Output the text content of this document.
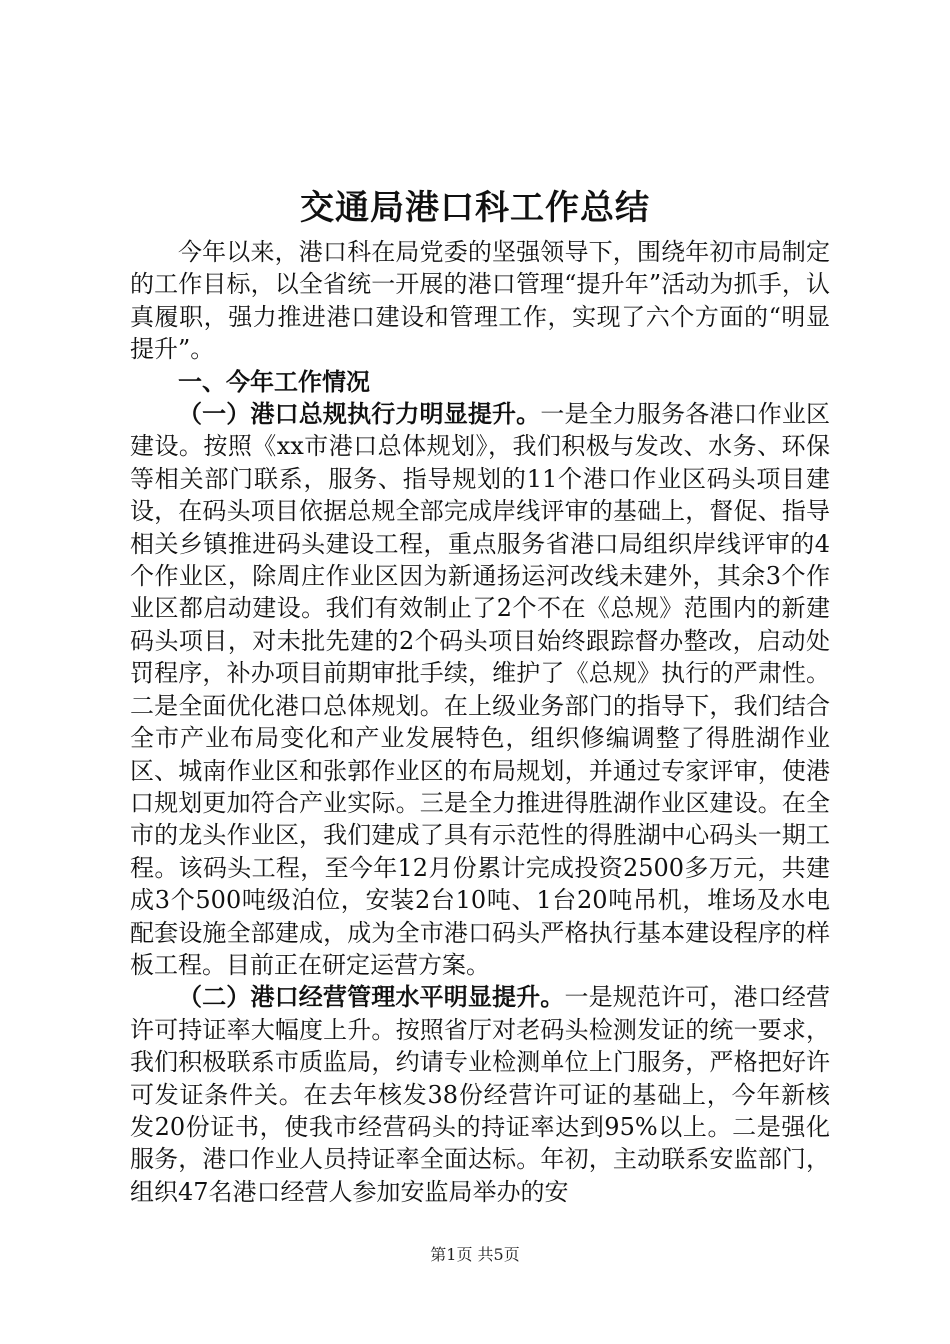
交通局港口科工作总结

今年以来，港口科在局党委的坚强领导下，围绕年初市局制定的工作目标，以全省统一开展的港口管理“提升年”活动为抓手，认真履职，强力推进港口建设和管理工作，实现了六个方面的“明显提升”。

一、今年工作情况

（一）港口总规执行力明显提升。一是全力服务各港口作业区建设。按照《xx市港口总体规划》，我们积极与发改、水务、环保等相关部门联系，服务、指导规划的11个港口作业区码头项目建设，在码头项目依据总规全部完成岸线评审的基础上，督促、指导相关乡镇推进码头建设工程，重点服务省港口局组织岸线评审的4个作业区，除周庄作业区因为新通扬运河改线未建外，其余3个作业区都启动建设。我们有效制止了2个不在《总规》范围内的新建码头项目，对未批先建的2个码头项目始终跟踪督办整改，启动处罚程序，补办项目前期审批手续，维护了《总规》执行的严肃性。二是全面优化港口总体规划。在上级业务部门的指导下，我们结合全市产业布局变化和产业发展特色，组织修编调整了得胜湖作业区、城南作业区和张郭作业区的布局规划，并通过专家评审，使港口规划更加符合产业实际。三是全力推进得胜湖作业区建设。在全市的龙头作业区，我们建成了具有示范性的得胜湖中心码头一期工程。该码头工程，至今年12月份累计完成投资2500多万元，共建成3个500吨级泊位，安装2台10吨、1台20吨吊机，堆场及水电配套设施全部建成，成为全市港口码头严格执行基本建设程序的样板工程。目前正在研定运营方案。

（二）港口经营管理水平明显提升。一是规范许可，港口经营许可持证率大幅度上升。按照省厅对老码头检测发证的统一要求，我们积极联系市质监局，约请专业检测单位上门服务，严格把好许可发证条件关。在去年核发38份经营许可证的基础上，今年新核发20份证书，使我市经营码头的持证率达到95%以上。二是强化服务，港口作业人员持证率全面达标。年初，主动联系安监部门，组织47名港口经营人参加安监局举办的安

第1页 共5页
